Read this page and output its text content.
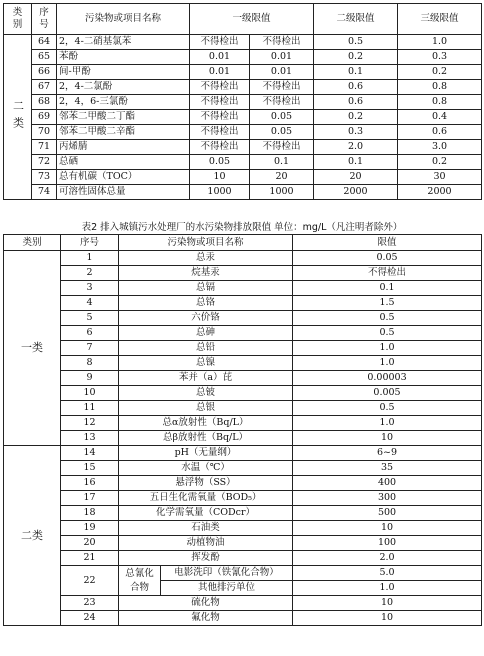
类
别	序
号	污染物或项目名称	一级限值		二级限值	三级限值
二类	64	2，4-二硝基氯苯	不得检出	不得检出	0.5	1.0
	65	苯酚	0.01	0.01	0.2	0.3
	66	间-甲酚	0.01	0.01	0.1	0.2
	67	2，4-二氯酚	不得检出	不得检出	0.6	0.8
	68	2，4，6-三氯酚	不得检出	不得检出	0.6	0.8
	69	邻苯二甲酸二丁酯	不得检出	0.05	0.2	0.4
	70	邻苯二甲酸二辛酯	不得检出	0.05	0.3	0.6
	71	丙烯腈	不得检出	不得检出	2.0	3.0
	72	总硒	0.05	0.1	0.1	0.2
	73	总有机碳（TOC）	10	20	20	30
	74	可溶性固体总量	1000	1000	2000	2000
表2 排入城镇污水处理厂的水污染物排放限值 单位：mg/L（凡注明者除外）
类别	序号	污染物或项目名称		限值
一类	1	总汞		0.05
	2	烷基汞		不得检出
	3	总镉		0.1
	4	总铬		1.5
	5	六价铬		0.5
	6	总砷		0.5
	7	总铅		1.0
	8	总镍		1.0
	9	苯并（a）芘		0.00003
	10	总铍		0.005
	11	总银		0.5
	12	总α放射性（Bq/L）		1.0
	13	总β放射性（Bq/L）		10
二类	14	pH（无量纲）		6~9
	15	水温（℃）		35
	16	悬浮物（SS）		400
	17	五日生化需氧量（BOD₅）		300
	18	化学需氧量（CODcr）		500
	19	石油类		10
	20	动植物油		100
	21	挥发酚		2.0
	22	总氰化合物	电影洗印（铁氰化合物）	5.0
			其他排污单位	1.0
	23	硫化物		10
	24	氟化物		10
